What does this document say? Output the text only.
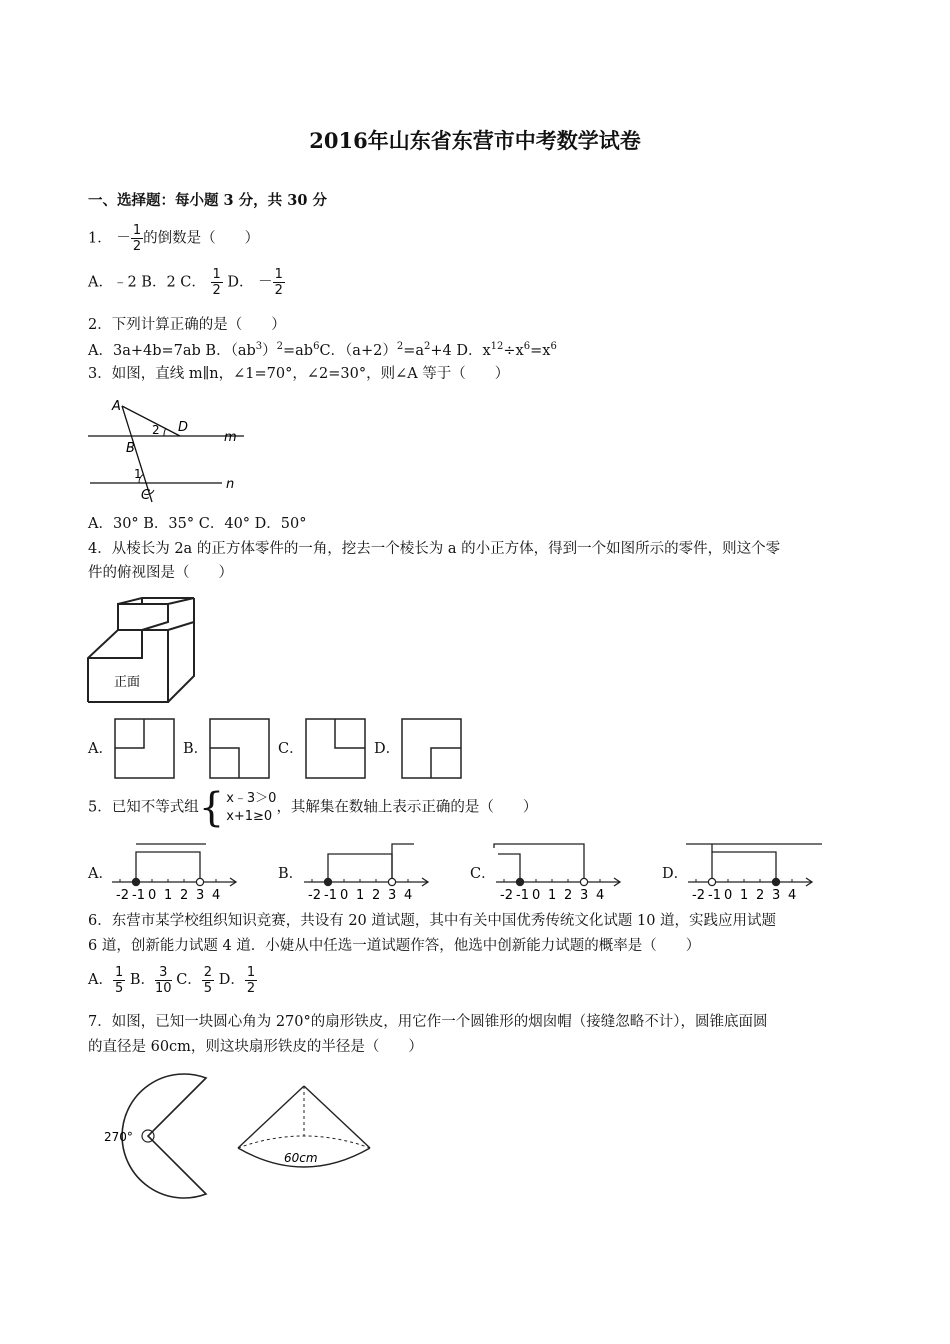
2016年山东省东营市中考数学试卷
一、选择题：每小题 3 分，共 30 分
1． － $\frac{1}{2}$ 的倒数是（　　）
A．﹣2 B．2 C． $\frac{1}{2}$ D． － $\frac{1}{2}$
2．下列计算正确的是（　　）
A．3a+4b=7ab B．$(ab^3)^2=ab^6C$．$(a+2)^2=a^2+4$ D．$x^{12}\div x^6=x^6$
3．如图，直线 m∥n，∠1=70°，∠2=30°，则∠A 等于（　　）
A
D
m
2
B
1
n
C
A．30° B．35° C．40° D．50°
4．从棱长为 2a 的正方体零件的一角，挖去一个棱长为 a 的小正方体，得到一个如图所示的零件，则这个零
件的俯视图是（　　）
正面
A．	B．	C．	D．
5．已知不等式组 { x﹣3＞0
x+1≥0
，其解集在数轴上表示正确的是（　　）
A．
-2 -1 0 1 2 3 4
B．
-2 -1 0 1 2 3 4
C．
-2 -1 0 1 2 3 4
D．
-2 -1 0 1 2 3 4
6．东营市某学校组织知识竞赛，共设有 20 道试题，其中有关中国优秀传统文化试题 10 道，实践应用试题
6 道，创新能力试题 4 道．小婕从中任选一道试题作答，他选中创新能力试题的概率是（　　）
A． $\frac{1}{5}$ B． $\frac{3}{10}$ C． $\frac{2}{5}$ D． $\frac{1}{2}$
7．如图，已知一块圆心角为 270°的扇形铁皮，用它作一个圆锥形的烟囱帽（接缝忽略不计），圆锥底面圆
的直径是 60cm，则这块扇形铁皮的半径是（　　）
270°
60cm
